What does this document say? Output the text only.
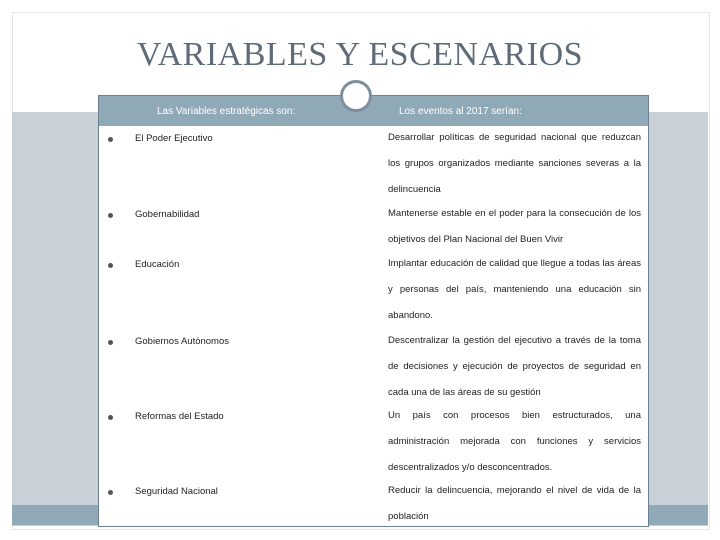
VARIABLES Y ESCENARIOS
Las Variables estratégicas son:	Los eventos al 2017 serían:
El Poder Ejecutivo	Desarrollar políticas de seguridad nacional que reduzcan los grupos organizados mediante sanciones severas a la delincuencia
Gobernabilidad	Mantenerse estable en el poder para la consecución de los objetivos del Plan Nacional del Buen Vivir
Educación	Implantar educación de calidad que llegue a todas las áreas y personas del país, manteniendo una educación sin abandono.
Gobiernos Autónomos	Descentralizar la gestión del ejecutivo a través de la toma de decisiones y ejecución de proyectos de seguridad en cada una de las áreas de su gestión
Reformas del Estado	Un país con procesos bien estructurados, una administración mejorada con funciones y servicios descentralizados y/o desconcentrados.
Seguridad Nacional	Reducir la delincuencia, mejorando el nivel de vida de la población
